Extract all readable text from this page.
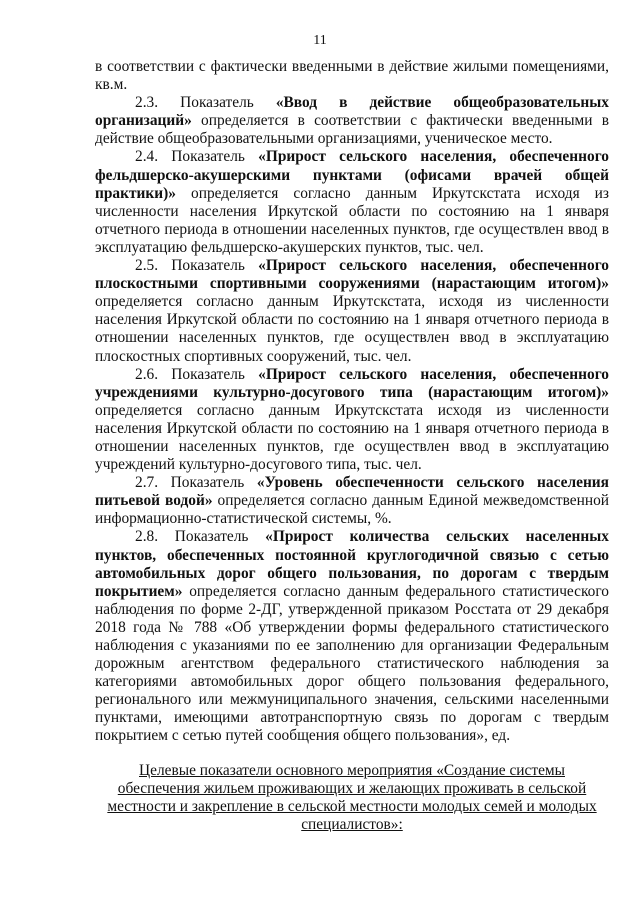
11

в соответствии с фактически введенными в действие жилыми помещениями, кв.м.

2.3. Показатель «Ввод в действие общеобразовательных организаций» определяется в соответствии с фактически введенными в действие общеобразовательными организациями, ученическое место.

2.4. Показатель «Прирост сельского населения, обеспеченного фельдшерско-акушерскими пунктами (офисами врачей общей практики)» определяется согласно данным Иркутскстата исходя из численности населения Иркутской области по состоянию на 1 января отчетного периода в отношении населенных пунктов, где осуществлен ввод в эксплуатацию фельдшерско-акушерских пунктов, тыс. чел.

2.5. Показатель «Прирост сельского населения, обеспеченного плоскостными спортивными сооружениями (нарастающим итогом)» определяется согласно данным Иркутскстата, исходя из численности населения Иркутской области по состоянию на 1 января отчетного периода в отношении населенных пунктов, где осуществлен ввод в эксплуатацию плоскостных спортивных сооружений, тыс. чел.

2.6. Показатель «Прирост сельского населения, обеспеченного учреждениями культурно-досугового типа (нарастающим итогом)» определяется согласно данным Иркутскстата исходя из численности населения Иркутской области по состоянию на 1 января отчетного периода в отношении населенных пунктов, где осуществлен ввод в эксплуатацию учреждений культурно-досугового типа, тыс. чел.

2.7. Показатель «Уровень обеспеченности сельского населения питьевой водой» определяется согласно данным Единой межведомственной информационно-статистической системы, %.

2.8. Показатель «Прирост количества сельских населенных пунктов, обеспеченных постоянной круглогодичной связью с сетью автомобильных дорог общего пользования, по дорогам с твердым покрытием» определяется согласно данным федерального статистического наблюдения по форме 2-ДГ, утвержденной приказом Росстата от 29 декабря 2018 года № 788 «Об утверждении формы федерального статистического наблюдения с указаниями по ее заполнению для организации Федеральным дорожным агентством федерального статистического наблюдения за категориями автомобильных дорог общего пользования федерального, регионального или межмуниципального значения, сельскими населенными пунктами, имеющими автотранспортную связь по дорогам с твердым покрытием с сетью путей сообщения общего пользования», ед.

Целевые показатели основного мероприятия «Создание системы обеспечения жильем проживающих и желающих проживать в сельской местности и закрепление в сельской местности молодых семей и молодых специалистов»:
